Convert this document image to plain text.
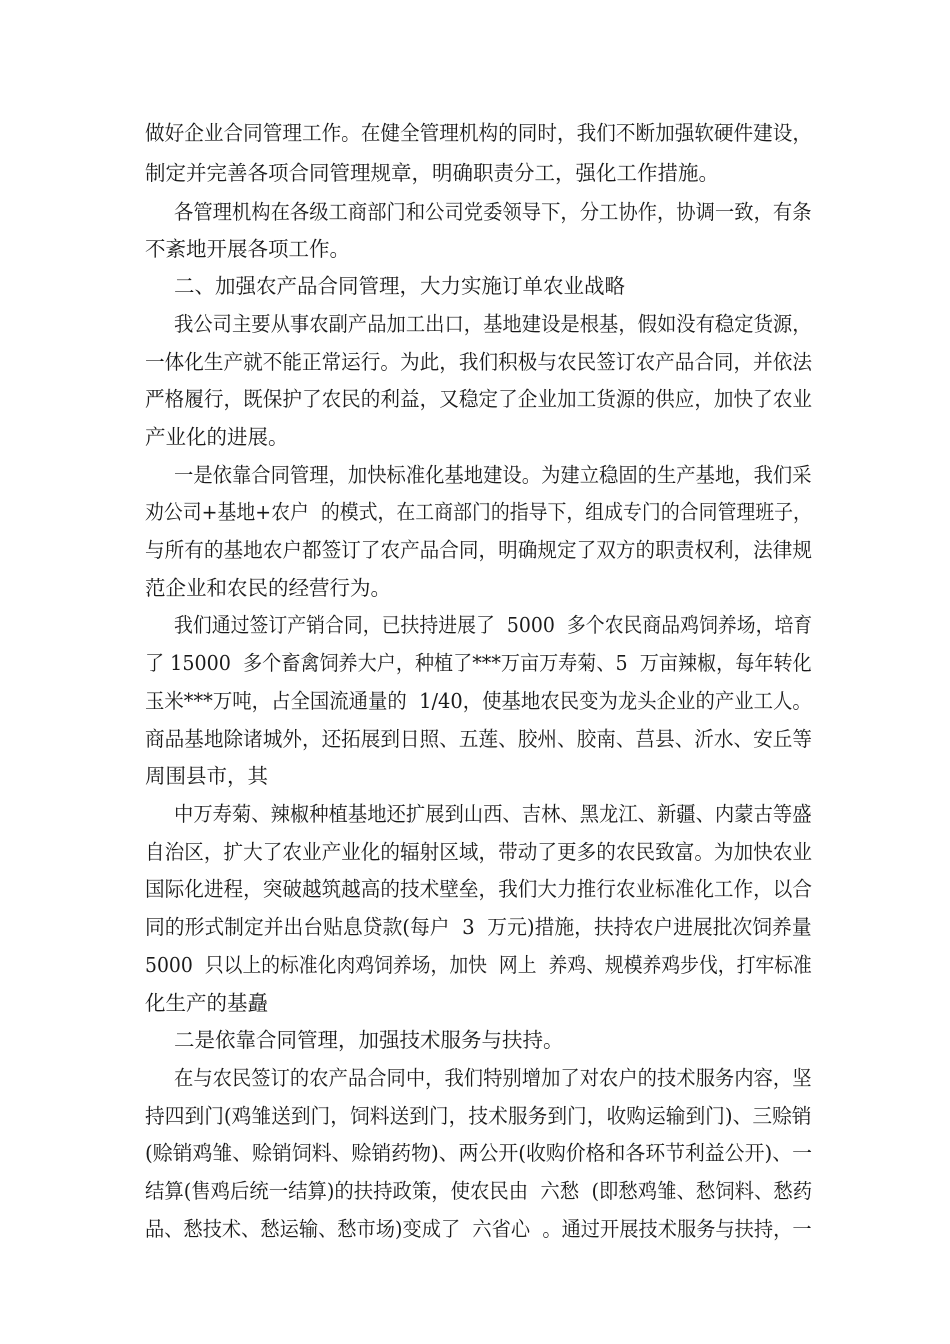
做好企业合同管理工作。在健全管理机构的同时，我们不断加强软硬件建设，
制定并完善各项合同管理规章，明确职责分工，强化工作措施。
各管理机构在各级工商部门和公司党委领导下，分工协作，协调一致，有条
不紊地开展各项工作。
二、加强农产品合同管理，大力实施订单农业战略
我公司主要从事农副产品加工出口，基地建设是根基，假如没有稳定货源，
一体化生产就不能正常运行。为此，我们积极与农民签订农产品合同，并依法
严格履行，既保护了农民的利益，又稳定了企业加工货源的供应，加快了农业
产业化的进展。
一是依靠合同管理，加快标准化基地建设。为建立稳固的生产基地，我们采
劝公司+基地+农户  的模式，在工商部门的指导下，组成专门的合同管理班子，
与所有的基地农户都签订了农产品合同，明确规定了双方的职责权利，法律规
范企业和农民的经营行为。
我们通过签订产销合同，已扶持进展了  5000  多个农民商品鸡饲养场，培育
了 15000  多个畜禽饲养大户，种植了***万亩万寿菊、5  万亩辣椒，每年转化
玉米***万吨，占全国流通量的  1/40，使基地农民变为龙头企业的产业工人。
商品基地除诸城外，还拓展到日照、五莲、胶州、胶南、莒县、沂水、安丘等
周围县市，其
中万寿菊、辣椒种植基地还扩展到山西、吉林、黑龙江、新疆、内蒙古等盛
自治区，扩大了农业产业化的辐射区域，带动了更多的农民致富。为加快农业
国际化进程，突破越筑越高的技术壁垒，我们大力推行农业标准化工作，以合
同的形式制定并出台贴息贷款(每户  3  万元)措施，扶持农户进展批次饲养量
5000  只以上的标准化肉鸡饲养场，加快  网上  养鸡、规模养鸡步伐，打牢标准
化生产的基矗
二是依靠合同管理，加强技术服务与扶持。
在与农民签订的农产品合同中，我们特别增加了对农户的技术服务内容，坚
持四到门(鸡雏送到门，饲料送到门，技术服务到门，收购运输到门)、三赊销
(赊销鸡雏、赊销饲料、赊销药物)、两公开(收购价格和各环节利益公开)、一
结算(售鸡后统一结算)的扶持政策，使农民由  六愁  (即愁鸡雏、愁饲料、愁药
品、愁技术、愁运输、愁市场)变成了  六省心  。通过开展技术服务与扶持，一
